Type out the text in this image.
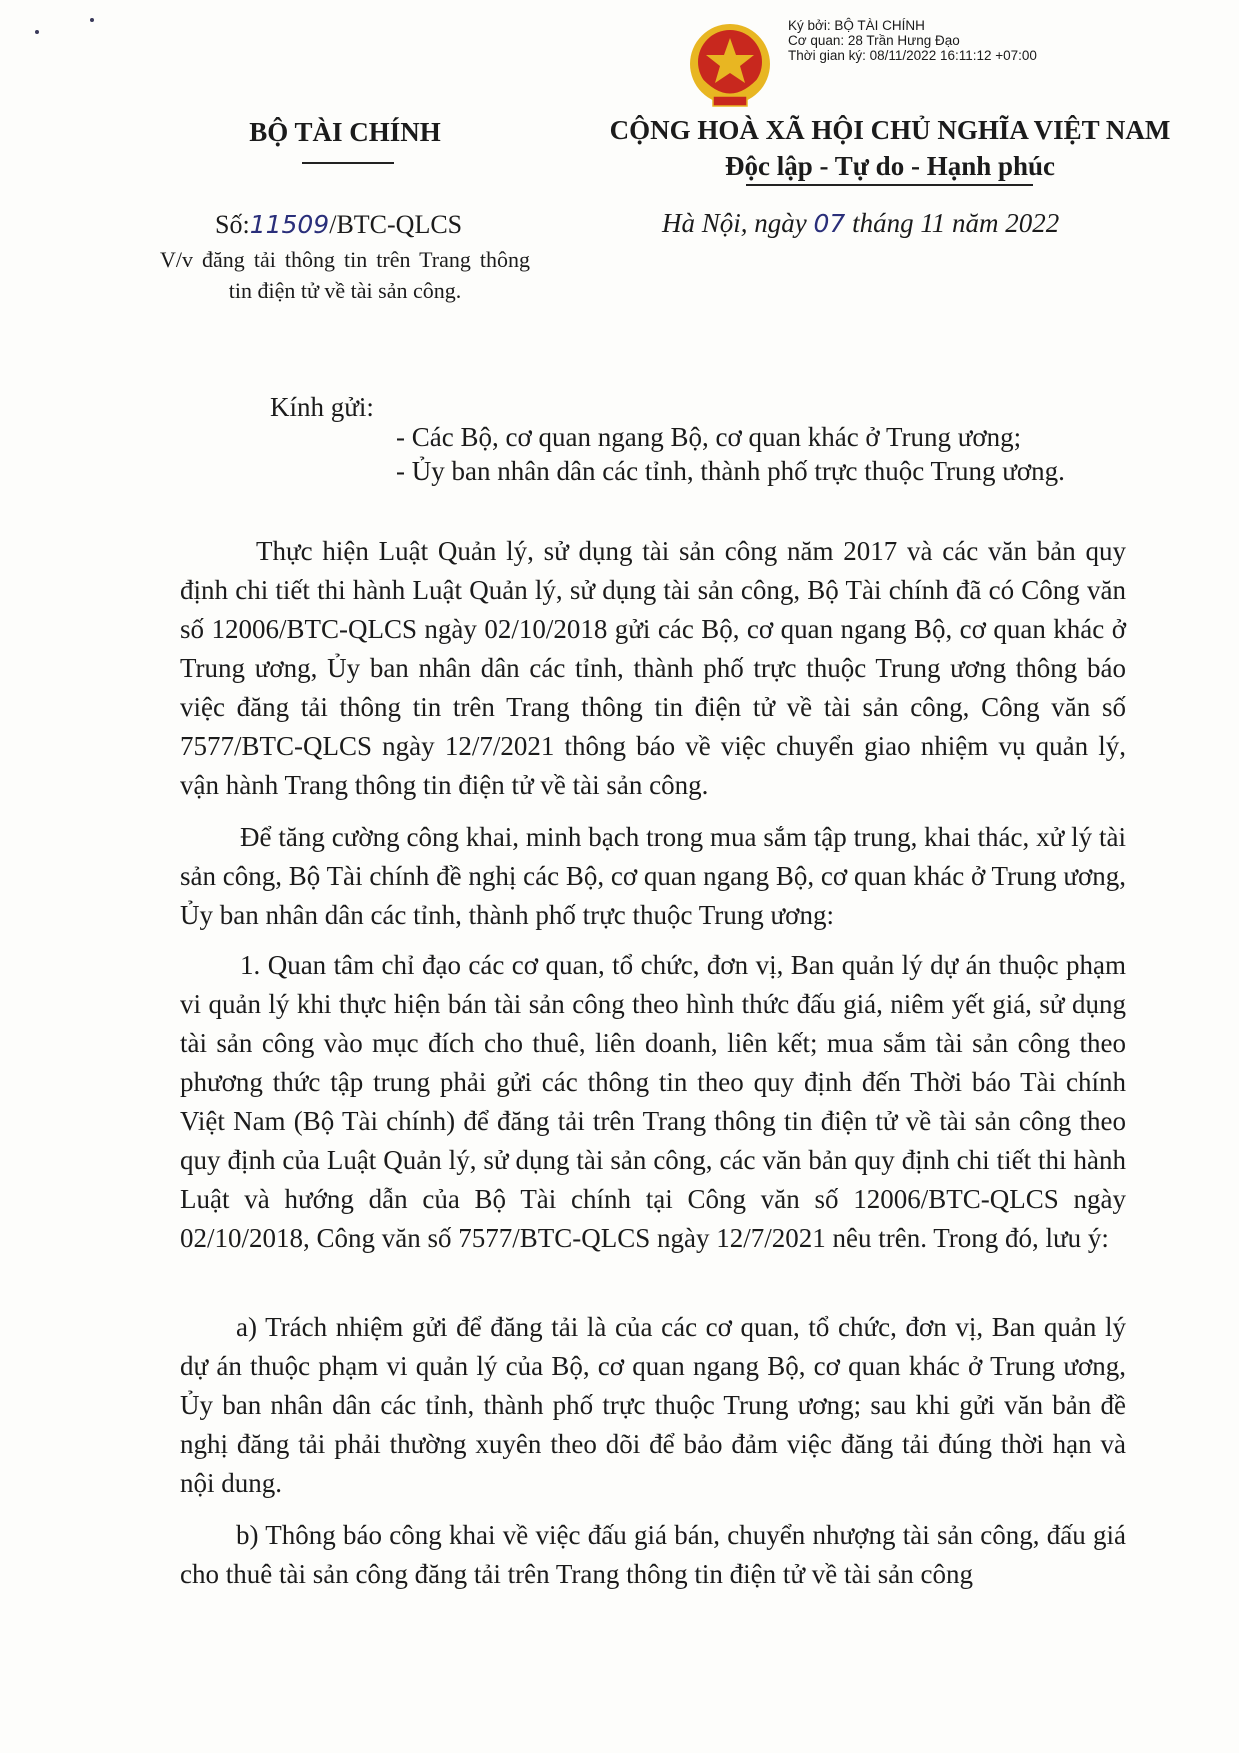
Ký bởi: BỘ TÀI CHÍNH
Cơ quan: 28 Trần Hưng Đạo
Thời gian ký: 08/11/2022 16:11:12 +07:00
BỘ TÀI CHÍNH	CỘNG HOÀ XÃ HỘI CHỦ NGHĨA VIỆT NAM
Độc lập - Tự do - Hạnh phúc
Số:11509/BTC-QLCS	Hà Nội, ngày 07 tháng 11 năm 2022
V/v đăng tải thông tin trên Trang thông tin điện tử về tài sản công.
Kính gửi:
- Các Bộ, cơ quan ngang Bộ, cơ quan khác ở Trung ương;
- Ủy ban nhân dân các tỉnh, thành phố trực thuộc Trung ương.

Thực hiện Luật Quản lý, sử dụng tài sản công năm 2017 và các văn bản quy định chi tiết thi hành Luật Quản lý, sử dụng tài sản công, Bộ Tài chính đã có Công văn số 12006/BTC-QLCS ngày 02/10/2018 gửi các Bộ, cơ quan ngang Bộ, cơ quan khác ở Trung ương, Ủy ban nhân dân các tỉnh, thành phố trực thuộc Trung ương thông báo việc đăng tải thông tin trên Trang thông tin điện tử về tài sản công, Công văn số 7577/BTC-QLCS ngày 12/7/2021 thông báo về việc chuyển giao nhiệm vụ quản lý, vận hành Trang thông tin điện tử về tài sản công.

Để tăng cường công khai, minh bạch trong mua sắm tập trung, khai thác, xử lý tài sản công, Bộ Tài chính đề nghị các Bộ, cơ quan ngang Bộ, cơ quan khác ở Trung ương, Ủy ban nhân dân các tỉnh, thành phố trực thuộc Trung ương:

1. Quan tâm chỉ đạo các cơ quan, tổ chức, đơn vị, Ban quản lý dự án thuộc phạm vi quản lý khi thực hiện bán tài sản công theo hình thức đấu giá, niêm yết giá, sử dụng tài sản công vào mục đích cho thuê, liên doanh, liên kết; mua sắm tài sản công theo phương thức tập trung phải gửi các thông tin theo quy định đến Thời báo Tài chính Việt Nam (Bộ Tài chính) để đăng tải trên Trang thông tin điện tử về tài sản công theo quy định của Luật Quản lý, sử dụng tài sản công, các văn bản quy định chi tiết thi hành Luật và hướng dẫn của Bộ Tài chính tại Công văn số 12006/BTC-QLCS ngày 02/10/2018, Công văn số 7577/BTC-QLCS ngày 12/7/2021 nêu trên. Trong đó, lưu ý:

a) Trách nhiệm gửi để đăng tải là của các cơ quan, tổ chức, đơn vị, Ban quản lý dự án thuộc phạm vi quản lý của Bộ, cơ quan ngang Bộ, cơ quan khác ở Trung ương, Ủy ban nhân dân các tỉnh, thành phố trực thuộc Trung ương; sau khi gửi văn bản đề nghị đăng tải phải thường xuyên theo dõi để bảo đảm việc đăng tải đúng thời hạn và nội dung.

b) Thông báo công khai về việc đấu giá bán, chuyển nhượng tài sản công, đấu giá cho thuê tài sản công đăng tải trên Trang thông tin điện tử về tài sản công
